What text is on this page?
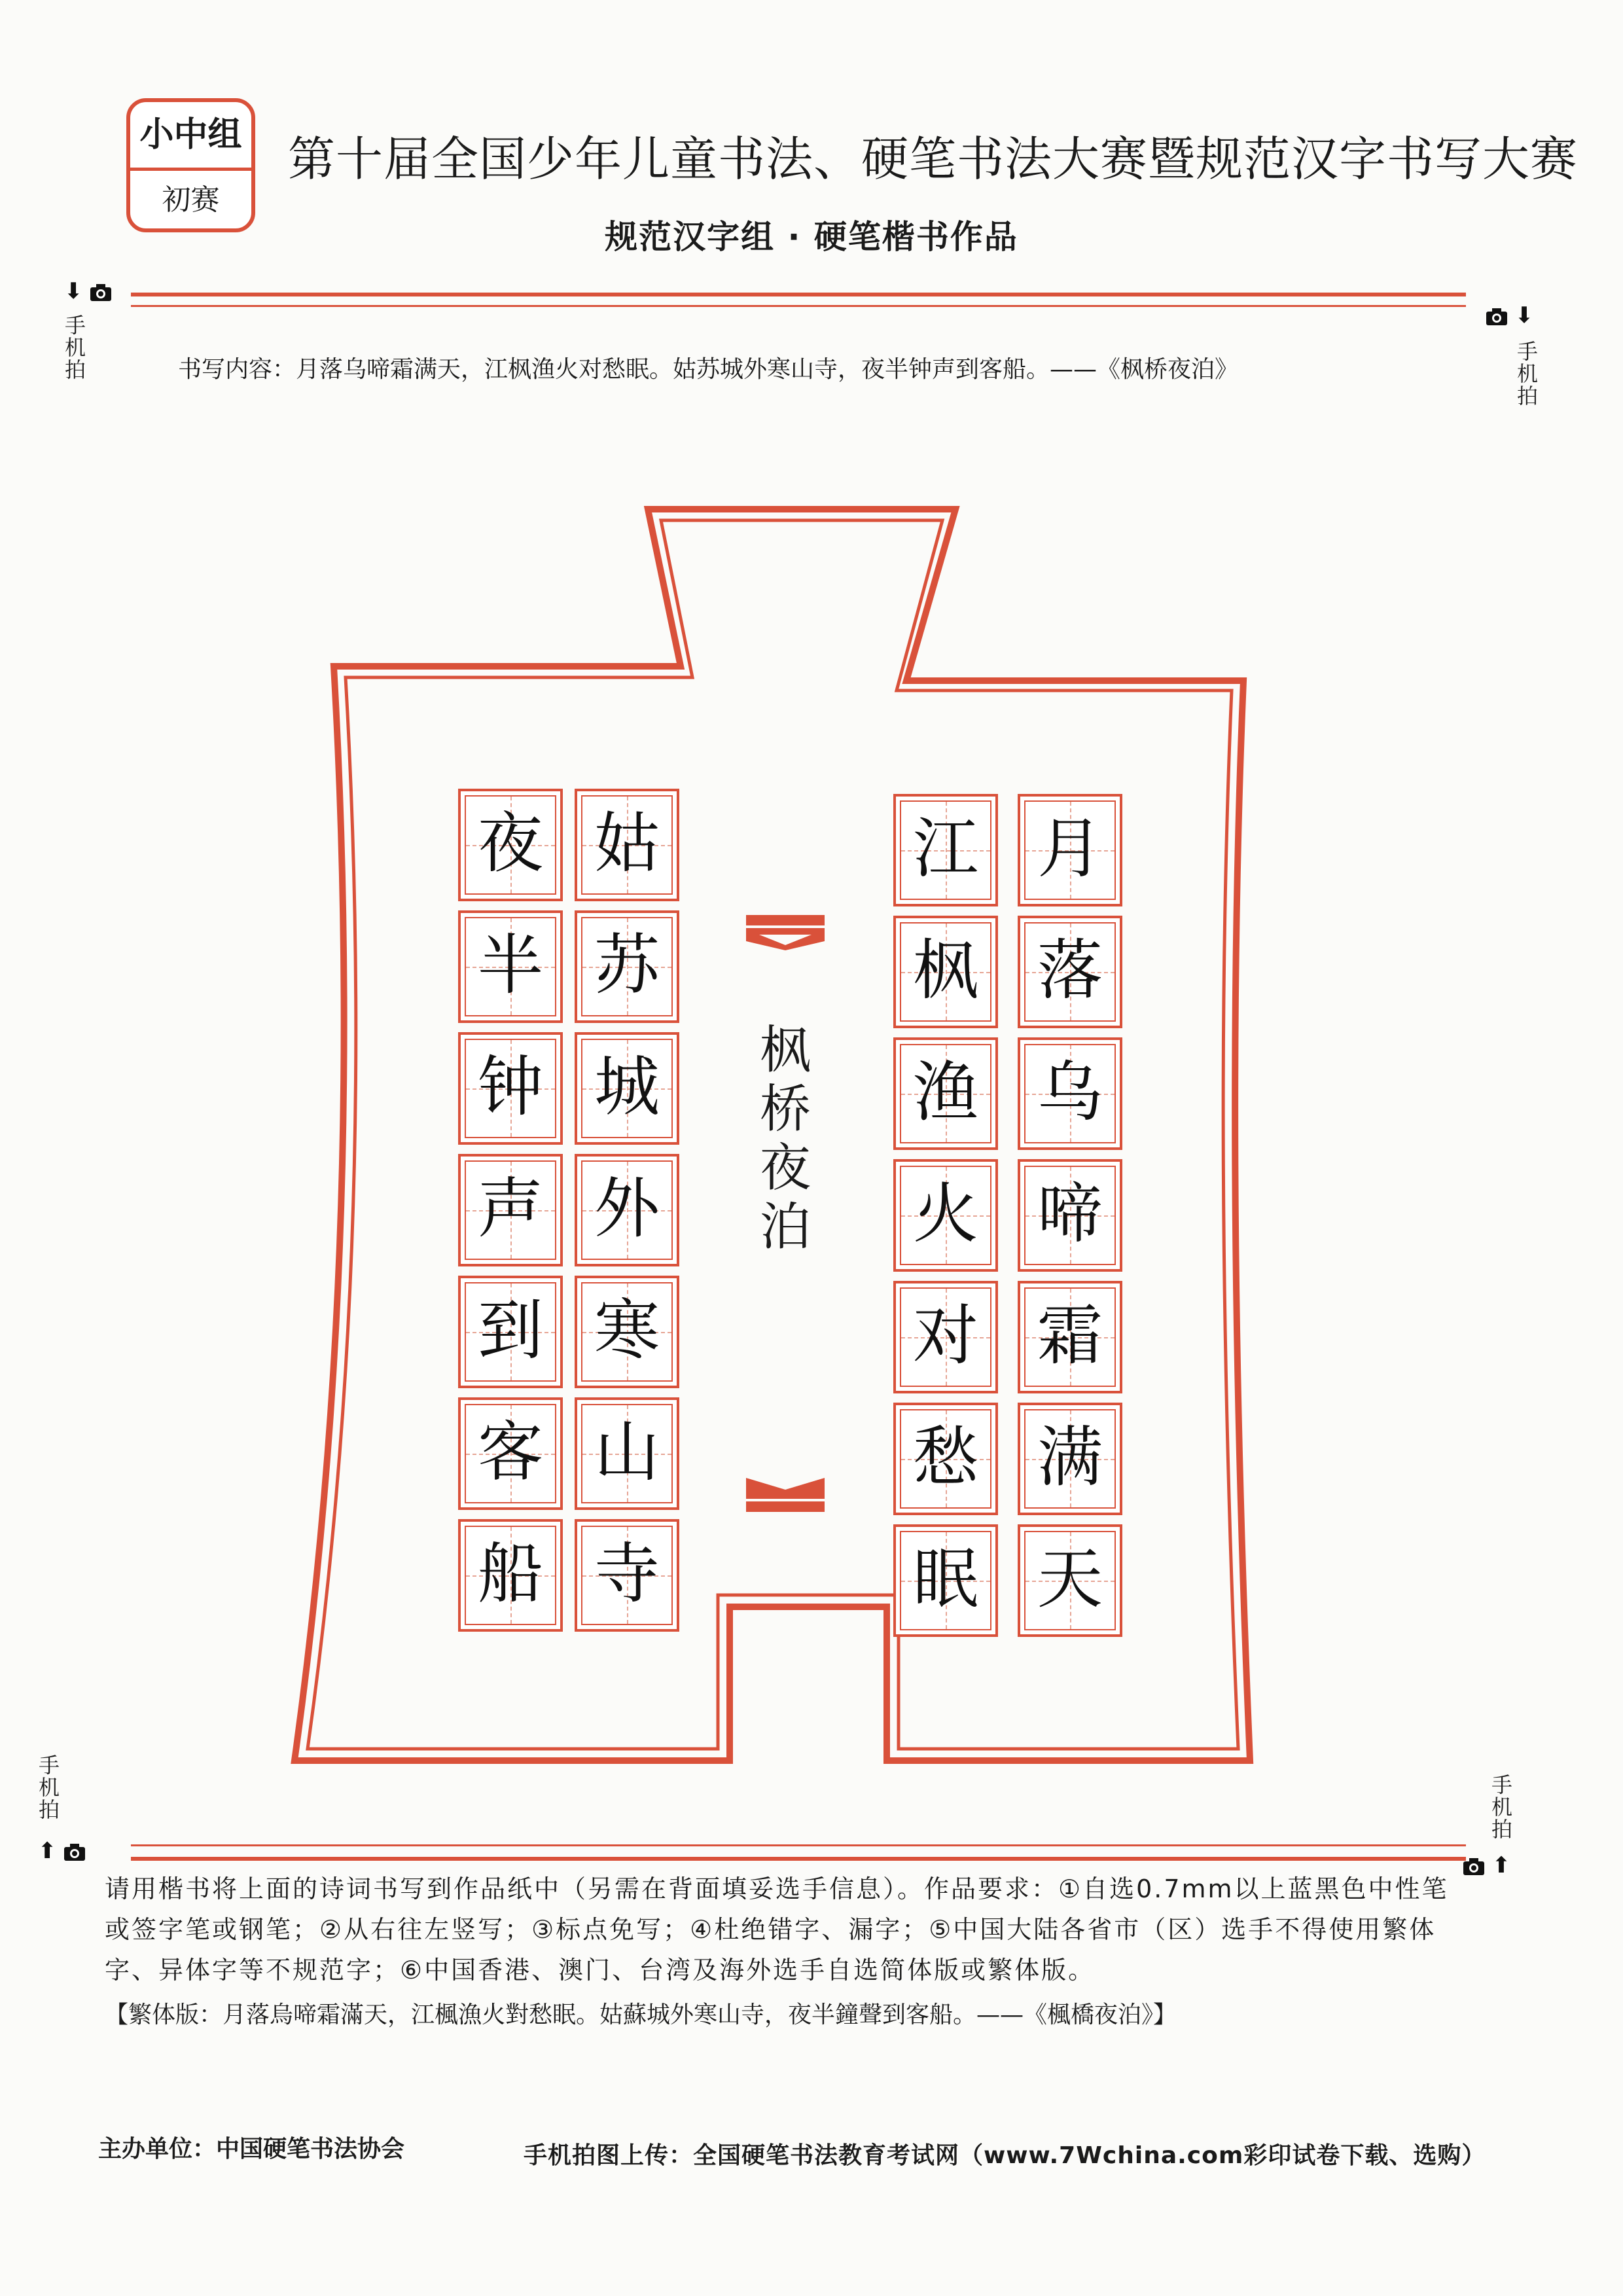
小中组
初赛
第十届全国少年儿童书法、硬笔书法大赛暨规范汉字书写大赛
规范汉字组 · 硬笔楷书作品
⬇
手机拍
⬇
手机拍
书写内容：月落乌啼霜满天，江枫渔火对愁眠。姑苏城外寒山寺，夜半钟声到客船。——《枫桥夜泊》
月
落
乌
啼
霜
满
天
江
枫
渔
火
对
愁
眠
姑
苏
城
外
寒
山
寺
夜
半
钟
声
到
客
船
枫桥夜泊
手机拍
⬆
手机拍
⬆
请用楷书将上面的诗词书写到作品纸中（另需在背面填妥选手信息）。作品要求：①自选0.7mm以上蓝黑色中性笔或签字笔或钢笔；②从右往左竖写；③标点免写；④杜绝错字、漏字；⑤中国大陆各省市（区）选手不得使用繁体字、异体字等不规范字；⑥中国香港、澳门、台湾及海外选手自选简体版或繁体版。
【繁体版：月落烏啼霜滿天，江楓漁火對愁眠。姑蘇城外寒山寺，夜半鐘聲到客船。——《楓橋夜泊》】
主办单位：中国硬笔书法协会	手机拍图上传：全国硬笔书法教育考试网（www.7Wchina.com彩印试卷下载、选购）
